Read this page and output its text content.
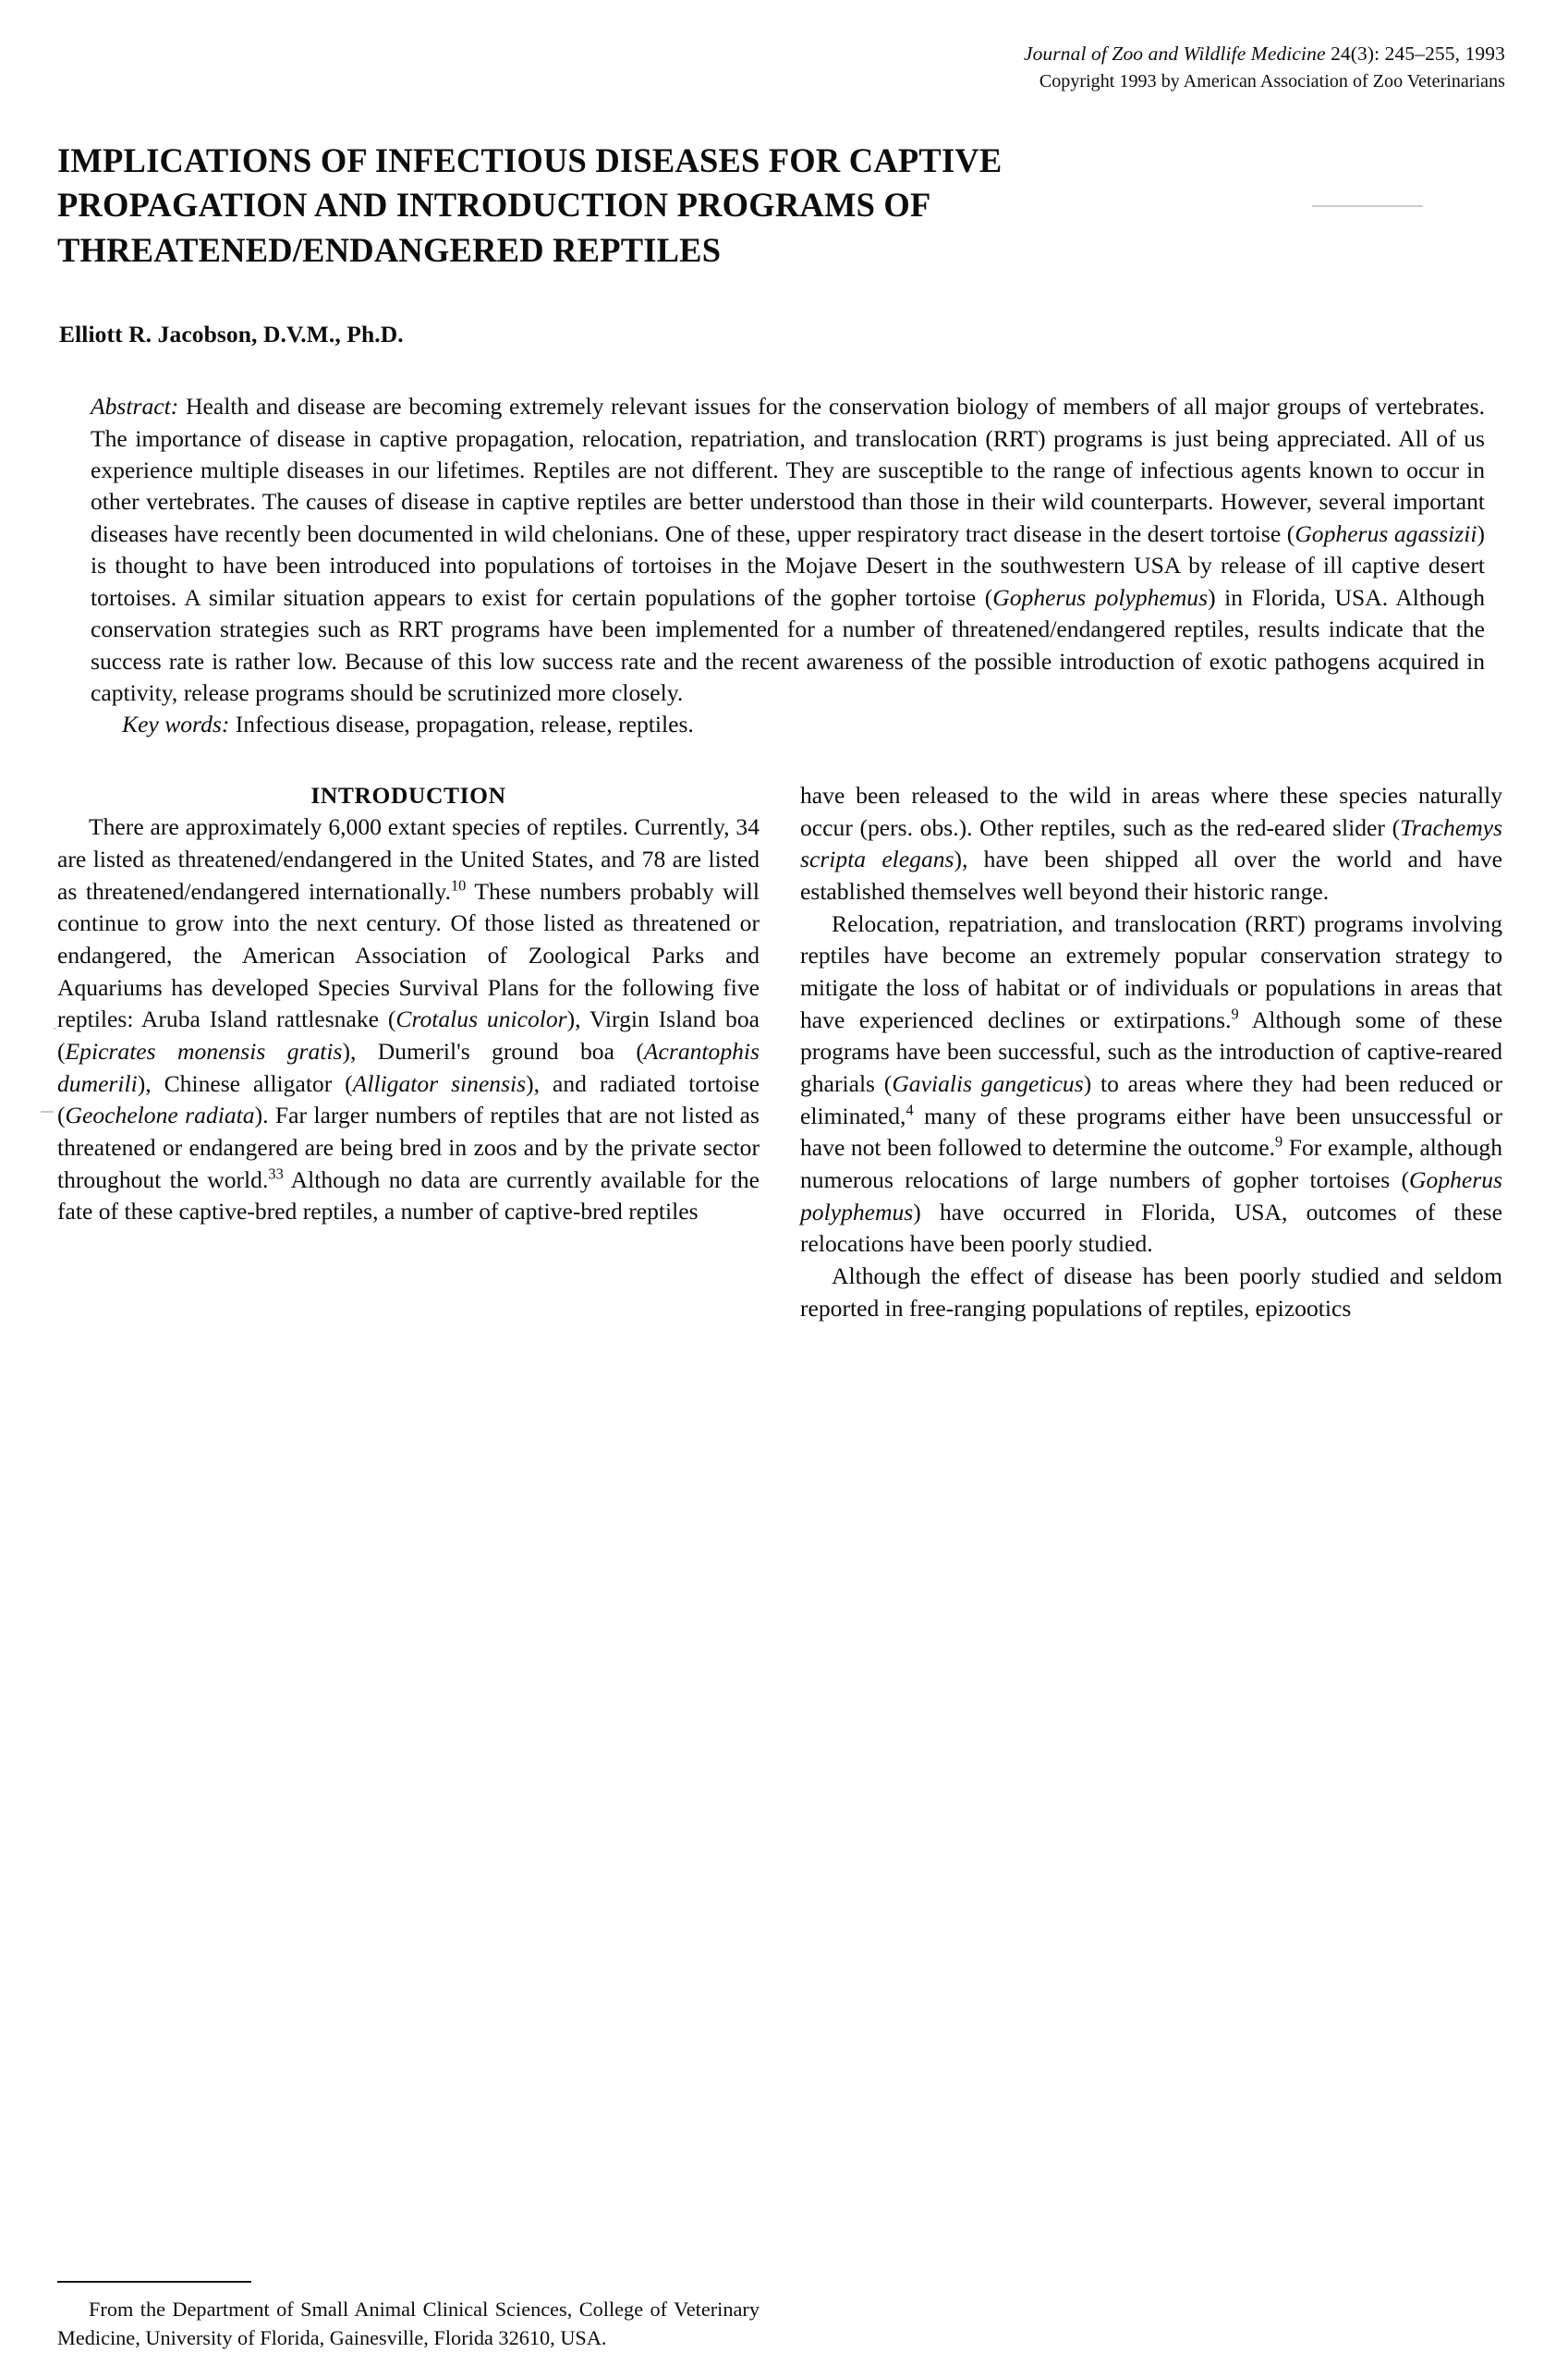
Journal of Zoo and Wildlife Medicine 24(3): 245–255, 1993
Copyright 1993 by American Association of Zoo Veterinarians
IMPLICATIONS OF INFECTIOUS DISEASES FOR CAPTIVE
PROPAGATION AND INTRODUCTION PROGRAMS OF
THREATENED/ENDANGERED REPTILES
Elliott R. Jacobson, D.V.M., Ph.D.

Abstract: Health and disease are becoming extremely relevant issues for the conservation biology of members of all major groups of vertebrates. The importance of disease in captive propagation, relocation, repatriation, and translocation (RRT) programs is just being appreciated. All of us experience multiple diseases in our lifetimes. Reptiles are not different. They are susceptible to the range of infectious agents known to occur in other vertebrates. The causes of disease in captive reptiles are better understood than those in their wild counterparts. However, several important diseases have recently been documented in wild chelonians. One of these, upper respiratory tract disease in the desert tortoise (Gopherus agassizii) is thought to have been introduced into populations of tortoises in the Mojave Desert in the southwestern USA by release of ill captive desert tortoises. A similar situation appears to exist for certain populations of the gopher tortoise (Gopherus polyphemus) in Florida, USA. Although conservation strategies such as RRT programs have been implemented for a number of threatened/endangered reptiles, results indicate that the success rate is rather low. Because of this low success rate and the recent awareness of the possible introduction of exotic pathogens acquired in captivity, release programs should be scrutinized more closely.

Key words: Infectious disease, propagation, release, reptiles.

INTRODUCTION

There are approximately 6,000 extant species of reptiles. Currently, 34 are listed as threatened/endangered in the United States, and 78 are listed as threatened/endangered internationally.$^{10}$ These numbers probably will continue to grow into the next century. Of those listed as threatened or endangered, the American Association of Zoological Parks and Aquariums has developed Species Survival Plans for the following five reptiles: Aruba Island rattlesnake (Crotalus unicolor), Virgin Island boa (Epicrates monensis gratis), Dumeril's ground boa (Acrantophis dumerili), Chinese alligator (Alligator sinensis), and radiated tortoise (Geochelone radiata). Far larger numbers of reptiles that are not listed as threatened or endangered are being bred in zoos and by the private sector throughout the world.$^{33}$ Although no data are currently available for the fate of these captive-bred reptiles, a number of captive-bred reptiles

have been released to the wild in areas where these species naturally occur (pers. obs.). Other reptiles, such as the red-eared slider (Trachemys scripta elegans), have been shipped all over the world and have established themselves well beyond their historic range.

Relocation, repatriation, and translocation (RRT) programs involving reptiles have become an extremely popular conservation strategy to mitigate the loss of habitat or of individuals or populations in areas that have experienced declines or extirpations.$^9$ Although some of these programs have been successful, such as the introduction of captive-reared gharials (Gavialis gangeticus) to areas where they had been reduced or eliminated,$^4$ many of these programs either have been unsuccessful or have not been followed to determine the outcome.$^9$ For example, although numerous relocations of large numbers of gopher tortoises (Gopherus polyphemus) have occurred in Florida, USA, outcomes of these relocations have been poorly studied.

Although the effect of disease has been poorly studied and seldom reported in free-ranging populations of reptiles, epizootics

From the Department of Small Animal Clinical Sciences, College of Veterinary Medicine, University of Florida, Gainesville, Florida 32610, USA.
